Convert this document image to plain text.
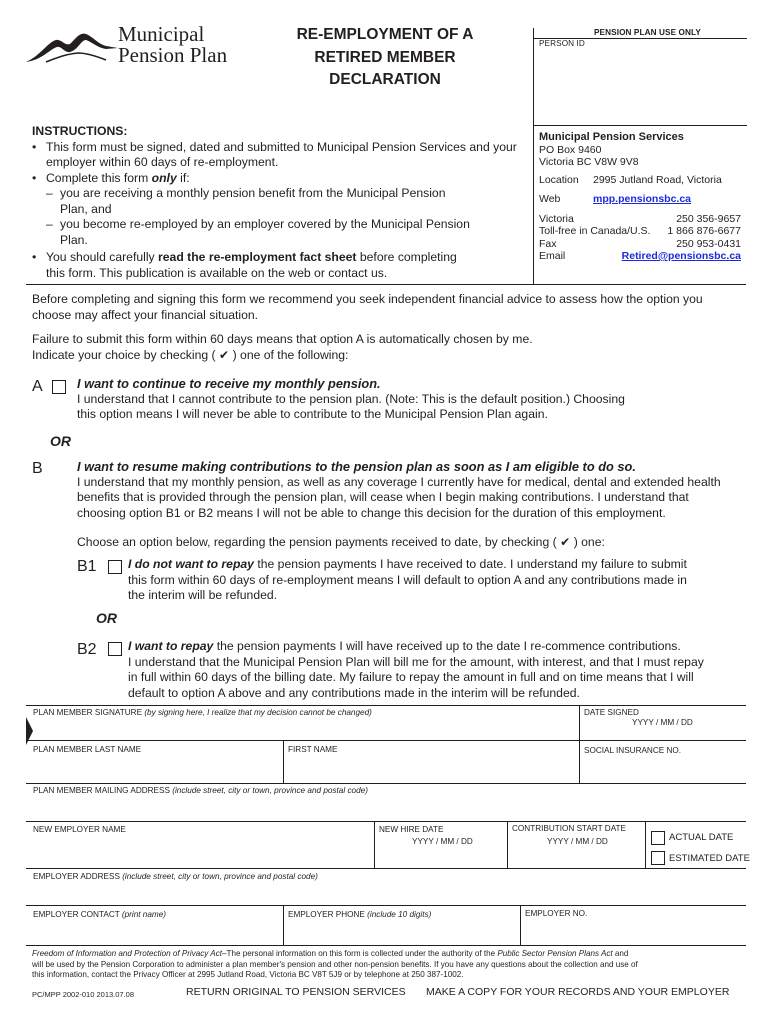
Municipal
Pension Plan
RE-EMPLOYMENT OF A
RETIRED MEMBER
DECLARATION
PENSION PLAN USE ONLY
PERSON ID
INSTRUCTIONS:
• This form must be signed, dated and submitted to Municipal Pension Services and your
employer within 60 days of re-employment.
• Complete this form only if:
– you are receiving a monthly pension benefit from the Municipal Pension
Plan, and
– you become re-employed by an employer covered by the Municipal Pension
Plan.
• You should carefully read the re-employment fact sheet before completing
this form. This publication is available on the web or contact us.
Municipal Pension Services
PO Box 9460
Victoria BC V8W 9V8
Location 2995 Jutland Road, Victoria
Web	mpp.pensionsbc.ca
Victoria	250 356-9657
Toll-free in Canada/U.S. 1 866 876-6677
Fax	250 953-0431
Email	Retired@pensionsbc.ca
Before completing and signing this form we recommend you seek independent financial advice to assess how the option you
choose may affect your financial situation.
Failure to submit this form within 60 days means that option A is automatically chosen by me.
Indicate your choice by checking ( ✔ ) one of the following:
A	I want to continue to receive my monthly pension.
I understand that I cannot contribute to the pension plan. (Note: This is the default position.) Choosing
this option means I will never be able to contribute to the Municipal Pension Plan again.
OR
B	I want to resume making contributions to the pension plan as soon as I am eligible to do so.
I understand that my monthly pension, as well as any coverage I currently have for medical, dental and extended health
benefits that is provided through the pension plan, will cease when I begin making contributions. I understand that
choosing option B1 or B2 means I will not be able to change this decision for the duration of this employment.
Choose an option below, regarding the pension payments received to date, by checking ( ✔ ) one:
B1	I do not want to repay the pension payments I have received to date. I understand my failure to submit
this form within 60 days of re-employment means I will default to option A and any contributions made in
the interim will be refunded.
OR
B2	I want to repay the pension payments I will have received up to the date I re-commence contributions.
I understand that the Municipal Pension Plan will bill me for the amount, with interest, and that I must repay
in full within 60 days of the billing date. My failure to repay the amount in full and on time means that I will
default to option A above and any contributions made in the interim will be refunded.
PLAN MEMBER SIGNATURE (by signing here, I realize that my decision cannot be changed)	DATE SIGNED
YYYY / MM / DD
PLAN MEMBER LAST NAME	FIRST NAME	SOCIAL INSURANCE NO.
PLAN MEMBER MAILING ADDRESS (include street, city or town, province and postal code)
NEW EMPLOYER NAME	NEW HIRE DATE
YYYY / MM / DD
CONTRIBUTION START DATE
YYYY / MM / DD	ACTUAL DATE
ESTIMATED DATE
EMPLOYER ADDRESS (include street, city or town, province and postal code)
EMPLOYER CONTACT (print name)	EMPLOYER PHONE (include 10 digits)	EMPLOYER NO.
Freedom of Information and Protection of Privacy Act–The personal information on this form is collected under the authority of the Public Sector Pension Plans Act and
will be used by the Pension Corporation to administer a plan member's pension and other non-pension benefits. If you have any questions about the collection and use of
this information, contact the Privacy Officer at 2995 Jutland Road, Victoria BC V8T 5J9 or by telephone at 250 387-1002.
PC/MPP 2002-010 2013.07.08	RETURN ORIGINAL TO PENSION SERVICES MAKE A COPY FOR YOUR RECORDS AND YOUR EMPLOYER
